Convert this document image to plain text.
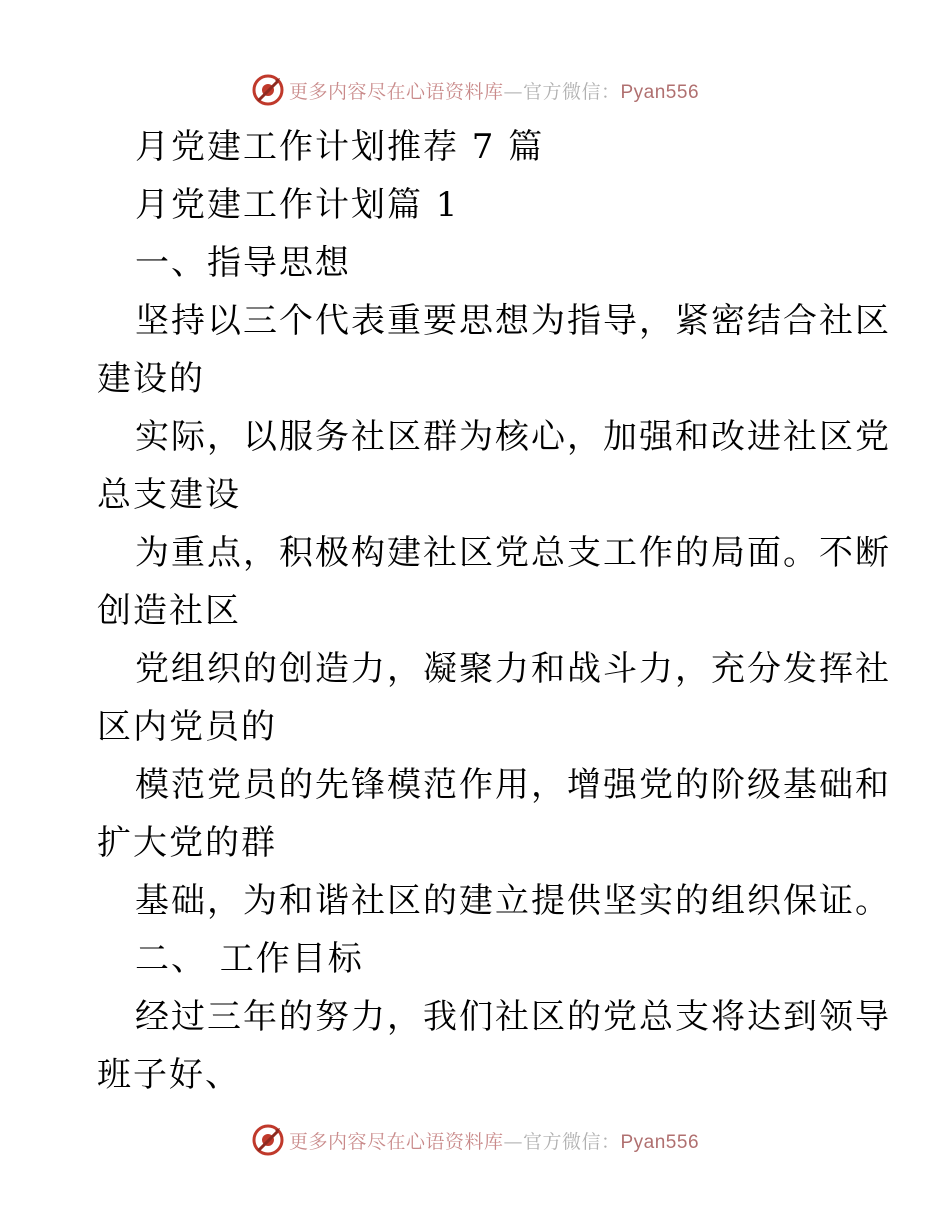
更多内容尽在心语资料库—官方微信：Pyan556
月党建工作计划推荐 7 篇
月党建工作计划篇 1
一、指导思想
坚持以三个代表重要思想为指导，紧密结合社区
建设的
实际，以服务社区群为核心，加强和改进社区党
总支建设
为重点，积极构建社区党总支工作的局面。不断
创造社区
党组织的创造力，凝聚力和战斗力，充分发挥社
区内党员的
模范党员的先锋模范作用，增强党的阶级基础和
扩大党的群
基础，为和谐社区的建立提供坚实的组织保证。
二、 工作目标
经过三年的努力，我们社区的党总支将达到领导
班子好、
更多内容尽在心语资料库—官方微信：Pyan556
